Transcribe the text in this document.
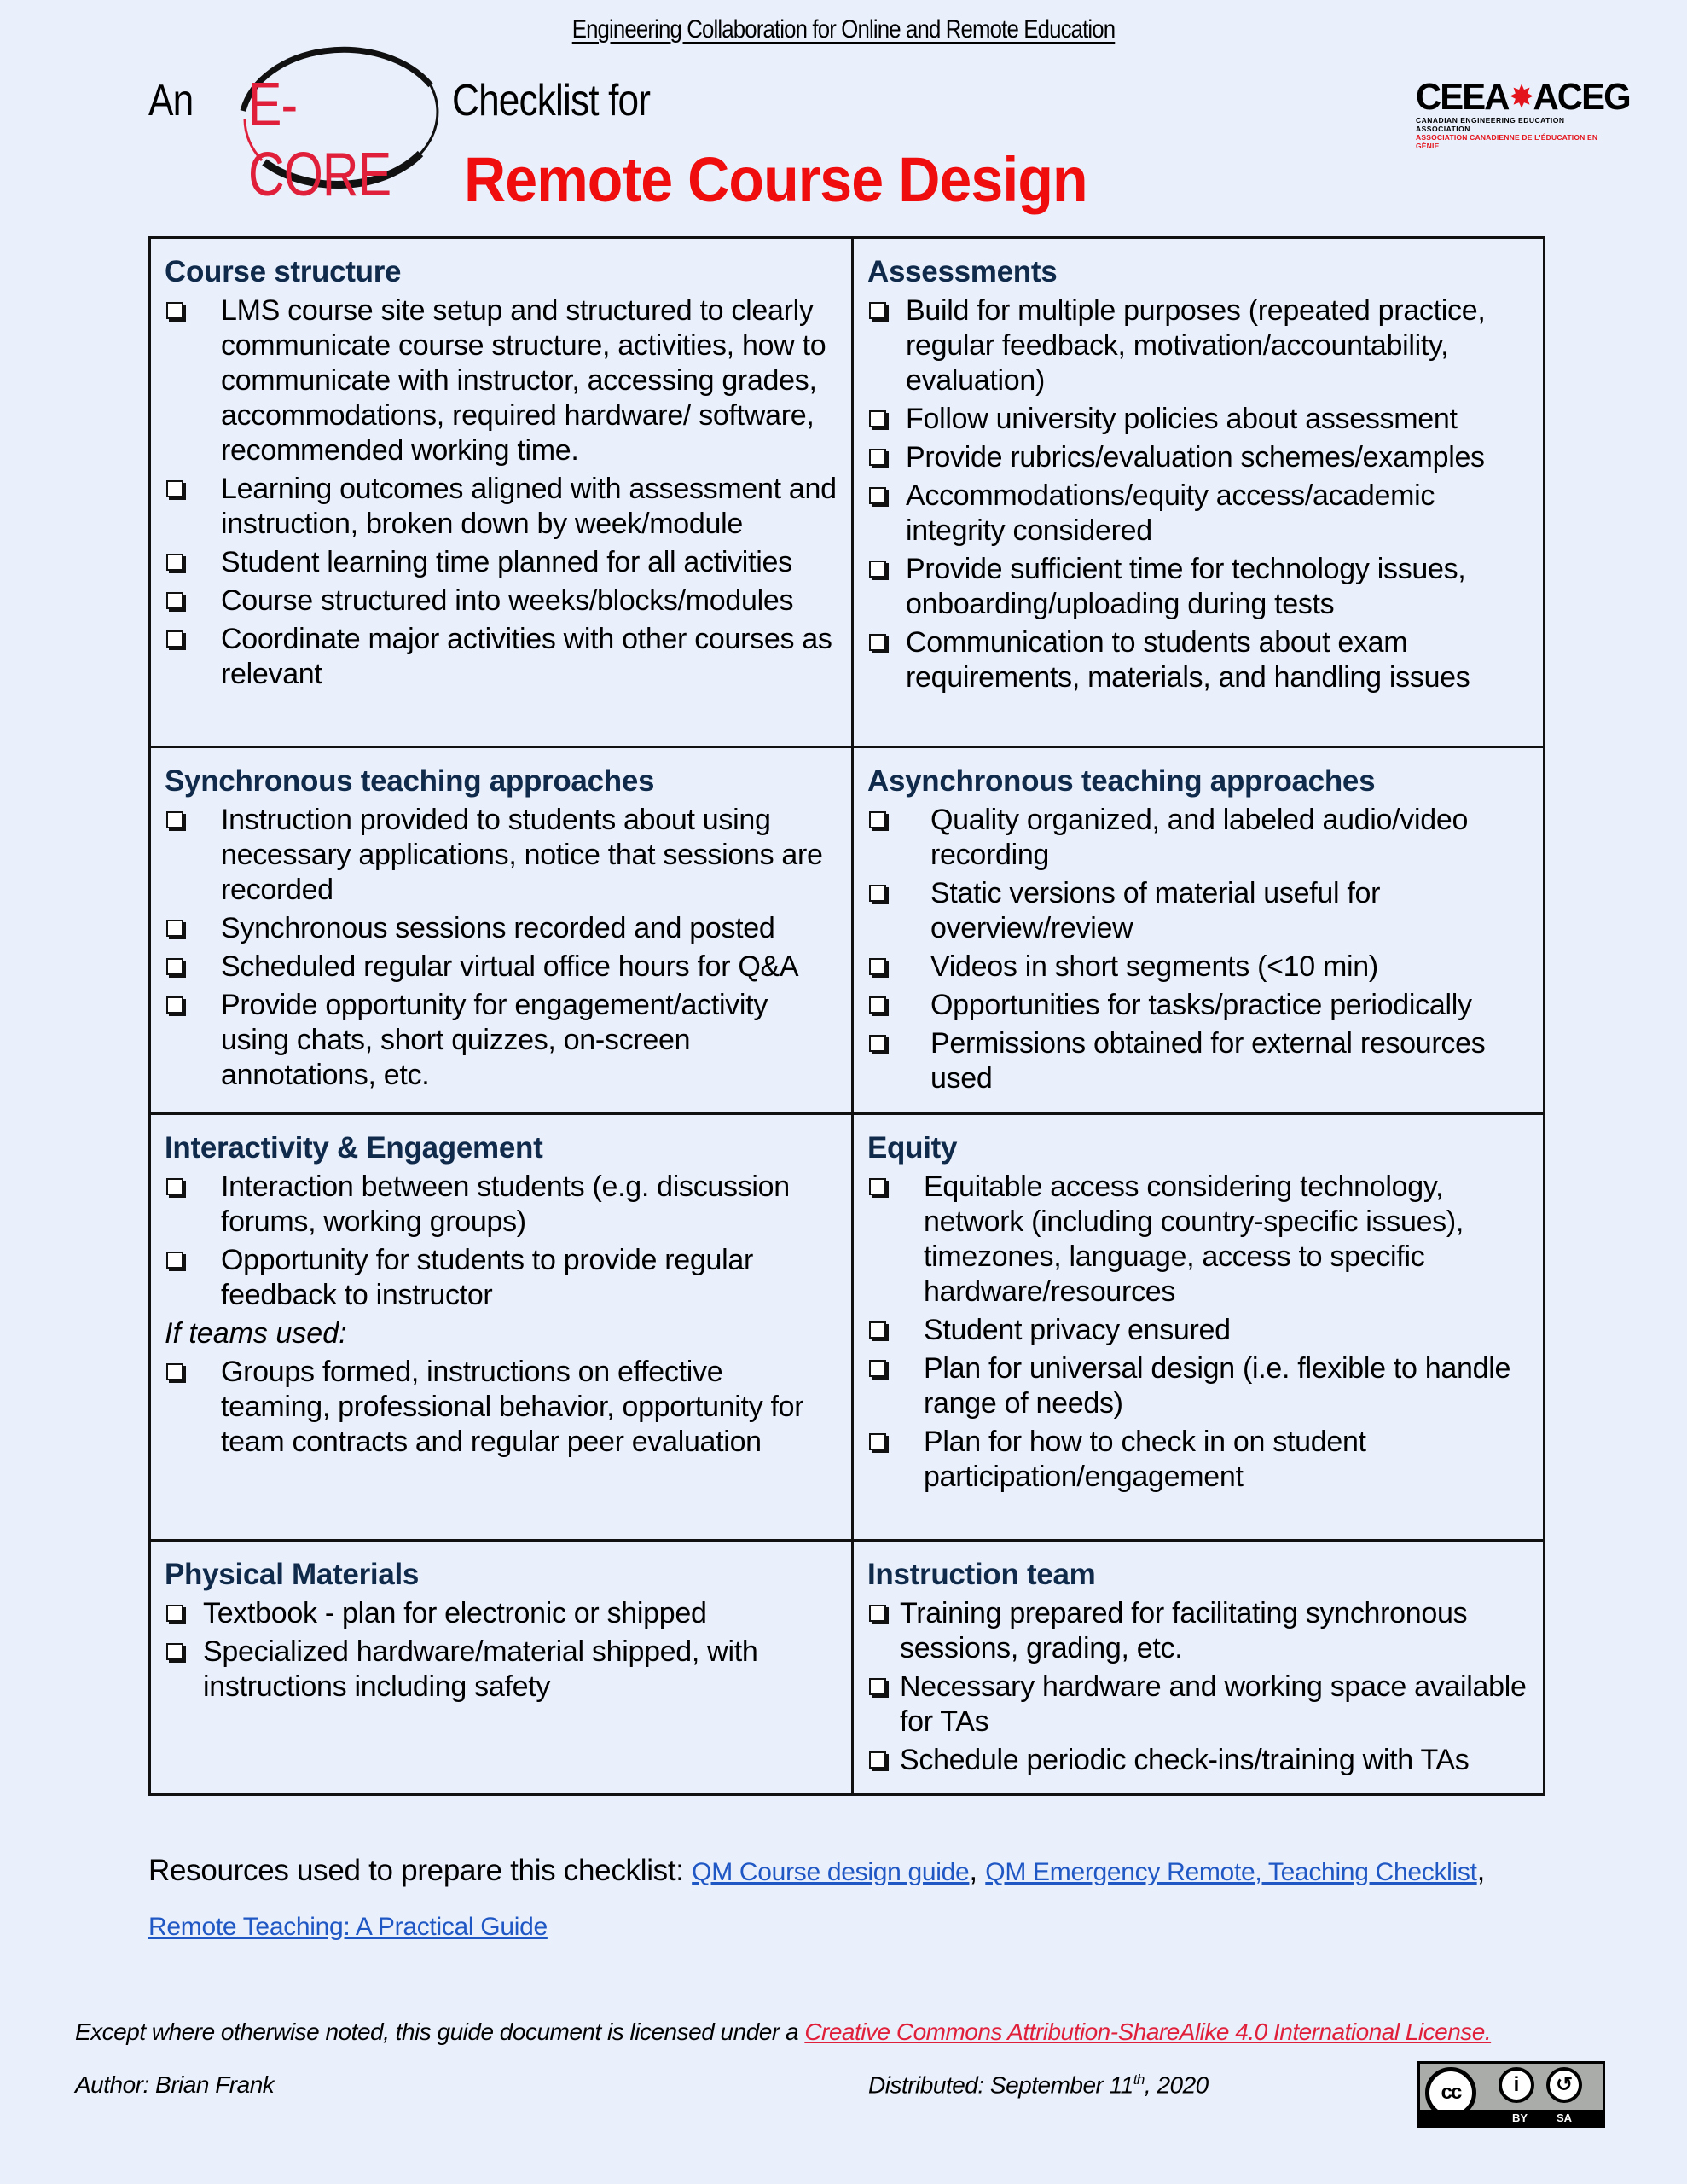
Engineering Collaboration for Online and Remote Education
An E-CORE
Checklist for
Remote Course Design
CEEA ✸ ACEG
CANADIAN ENGINEERING EDUCATION ASSOCIATION
ASSOCIATION CANADIENNE DE L'ÉDUCATION EN GÉNIE
Course structure
LMS course site setup and structured to clearly communicate course structure, activities, how to communicate with instructor, accessing grades, accommodations, required hardware/ software, recommended working time.
Learning outcomes aligned with assessment and instruction, broken down by week/module
Student learning time planned for all activities
Course structured into weeks/blocks/modules
Coordinate major activities with other courses as relevant
Assessments
Build for multiple purposes (repeated practice, regular feedback, motivation/accountability, evaluation)
Follow university policies about assessment
Provide rubrics/evaluation schemes/examples
Accommodations/equity access/academic integrity considered
Provide sufficient time for technology issues, onboarding/uploading during tests
Communication to students about exam requirements, materials, and handling issues
Synchronous teaching approaches
Instruction provided to students about using necessary applications, notice that sessions are recorded
Synchronous sessions recorded and posted
Scheduled regular virtual office hours for Q&A
Provide opportunity for engagement/activity using chats, short quizzes, on-screen annotations, etc.
Asynchronous teaching approaches
Quality organized, and labeled audio/video recording
Static versions of material useful for overview/review
Videos in short segments (<10 min)
Opportunities for tasks/practice periodically
Permissions obtained for external resources used
Interactivity & Engagement
Interaction between students (e.g. discussion forums, working groups)
Opportunity for students to provide regular feedback to instructor
If teams used:
Groups formed, instructions on effective teaming, professional behavior, opportunity for team contracts and regular peer evaluation
Equity
Equitable access considering technology, network (including country-specific issues), timezones, language, access to specific hardware/resources
Student privacy ensured
Plan for universal design (i.e. flexible to handle range of needs)
Plan for how to check in on student participation/engagement
Physical Materials
Textbook - plan for electronic or shipped
Specialized hardware/material shipped, with instructions including safety
Instruction team
Training prepared for facilitating synchronous sessions, grading, etc.
Necessary hardware and working space available for TAs
Schedule periodic check-ins/training with TAs
Resources used to prepare this checklist: QM Course design guide, QM Emergency Remote, Teaching Checklist, Remote Teaching: A Practical Guide
Except where otherwise noted, this guide document is licensed under a Creative Commons Attribution-ShareAlike 4.0 International License.
Author: Brian Frank	Distributed: September 11th, 2020	cc	i	↺
BY	SA
